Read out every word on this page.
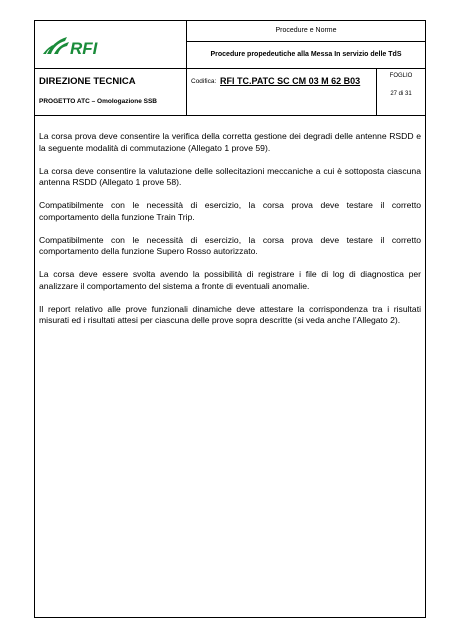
RFI
Procedure e Norme
Procedure propedeutiche alla Messa In servizio delle TdS
DIREZIONE TECNICA
PROGETTO ATC – Omologazione SSB
Codifica: RFI TC.PATC SC CM 03 M 62 B03	FOGLIO
27 di 31

La corsa prova deve consentire la verifica della corretta gestione dei degradi delle antenne RSDD e la seguente modalità di commutazione (Allegato 1 prove 59).

La corsa deve consentire la valutazione delle sollecitazioni meccaniche a cui è sottoposta ciascuna antenna RSDD (Allegato 1 prove 58).

Compatibilmente con le necessità di esercizio, la corsa prova deve testare il corretto comportamento della funzione Train Trip.

Compatibilmente con le necessità di esercizio, la corsa prova deve testare il corretto comportamento della funzione Supero Rosso autorizzato.

La corsa deve essere svolta avendo la possibilità di registrare i file di log di diagnostica per analizzare il comportamento del sistema a fronte di eventuali anomalie.

Il report relativo alle prove funzionali dinamiche deve attestare la corrispondenza tra i risultati misurati ed i risultati attesi per ciascuna delle prove sopra descritte (si veda anche l’Allegato 2).
